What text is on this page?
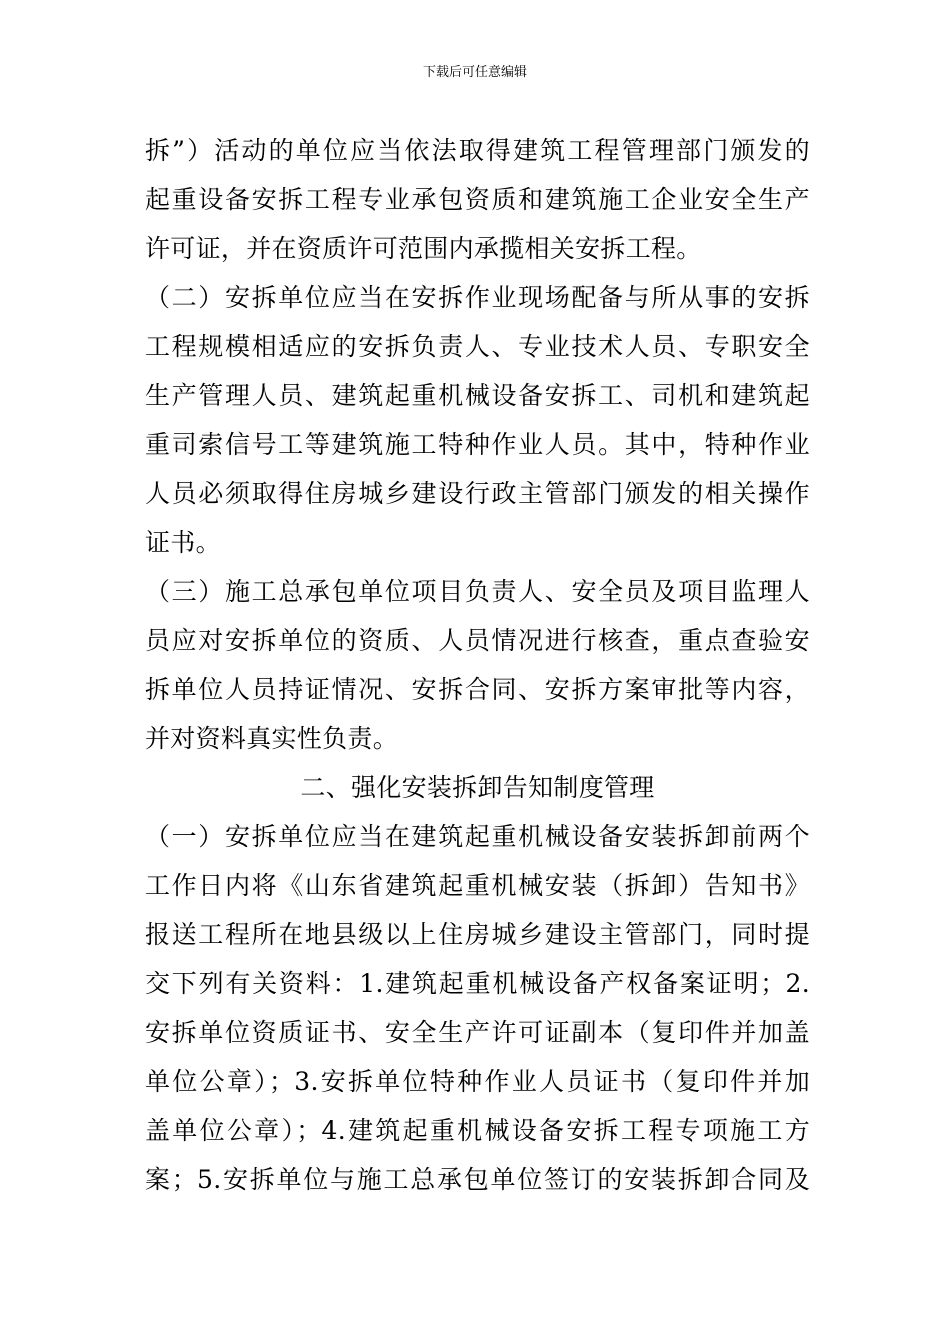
下载后可任意编辑
拆”）活动的单位应当依法取得建筑工程管理部门颁发的
起重设备安拆工程专业承包资质和建筑施工企业安全生产
许可证，并在资质许可范围内承揽相关安拆工程。
（二）安拆单位应当在安拆作业现场配备与所从事的安拆
工程规模相适应的安拆负责人、专业技术人员、专职安全
生产管理人员、建筑起重机械设备安拆工、司机和建筑起
重司索信号工等建筑施工特种作业人员。其中，特种作业
人员必须取得住房城乡建设行政主管部门颁发的相关操作
证书。
（三）施工总承包单位项目负责人、安全员及项目监理人
员应对安拆单位的资质、人员情况进行核查，重点查验安
拆单位人员持证情况、安拆合同、安拆方案审批等内容，
并对资料真实性负责。
二、强化安装拆卸告知制度管理
（一）安拆单位应当在建筑起重机械设备安装拆卸前两个
工作日内将《山东省建筑起重机械安装（拆卸）告知书》
报送工程所在地县级以上住房城乡建设主管部门，同时提
交下列有关资料：1.建筑起重机械设备产权备案证明；2.
安拆单位资质证书、安全生产许可证副本（复印件并加盖
单位公章）；3.安拆单位特种作业人员证书（复印件并加
盖单位公章）；4.建筑起重机械设备安拆工程专项施工方
案；5.安拆单位与施工总承包单位签订的安装拆卸合同及
